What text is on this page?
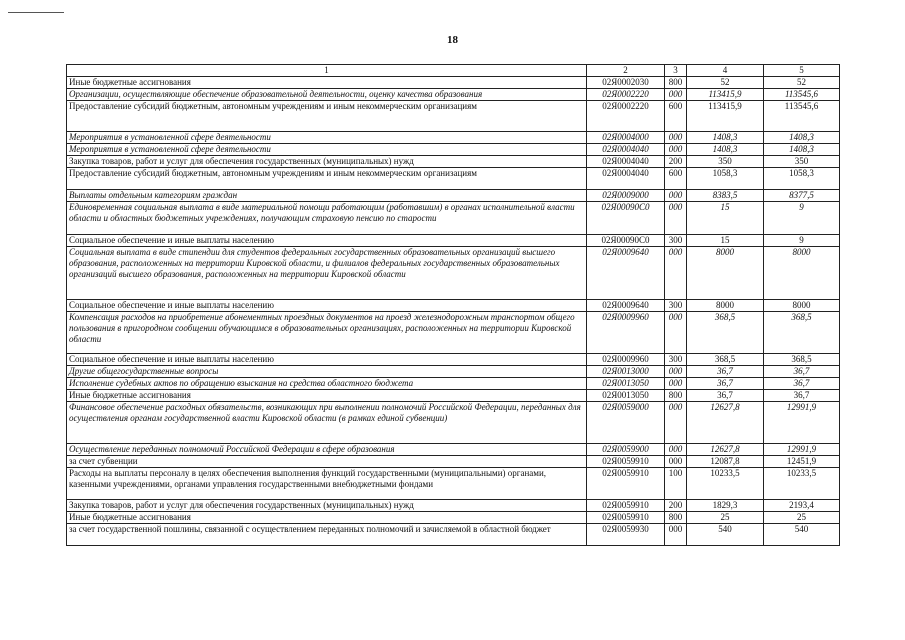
18
1	2	3	4	5
Иные бюджетные ассигнования	02Я0002030	800	52	52
Организации, осуществляющие обеспечение образовательной деятельности, оценку качества образования	02Я0002220	000	113415,9	113545,6
Предоставление субсидий бюджетным, автономным учреждениям и иным некоммерческим организациям	02Я0002220	600	113415,9	113545,6
Мероприятия в установленной сфере деятельности	02Я0004000	000	1408,3	1408,3
Мероприятия в установленной сфере деятельности	02Я0004040	000	1408,3	1408,3
Закупка товаров, работ и услуг для обеспечения государственных (муниципальных) нужд	02Я0004040	200	350	350
Предоставление субсидий бюджетным, автономным учреждениям и иным некоммерческим организациям	02Я0004040	600	1058,3	1058,3
Выплаты отдельным категориям граждан	02Я0009000	000	8383,5	8377,5
Единовременная социальная выплата в виде материальной помощи работающим (работавшим) в органах исполнительной власти области и областных бюджетных учреждениях, получающим страховую пенсию по старости	02Я00090С0	000	15	9
Социальное обеспечение и иные выплаты населению	02Я00090С0	300	15	9
Социальная выплата в виде стипендии для студентов федеральных государственных образовательных организаций высшего образования, расположенных на территории Кировской области, и филиалов федеральных государственных образовательных организаций высшего образования, расположенных на территории Кировской области	02Я0009640	000	8000	8000
Социальное обеспечение и иные выплаты населению	02Я0009640	300	8000	8000
Компенсация расходов на приобретение абонементных проездных документов на проезд железнодорожным транспортом общего пользования в пригородном сообщении обучающимся в образовательных организациях, расположенных на территории Кировской области	02Я0009960	000	368,5	368,5
Социальное обеспечение и иные выплаты населению	02Я0009960	300	368,5	368,5
Другие общегосударственные вопросы	02Я0013000	000	36,7	36,7
Исполнение судебных актов по обращению взыскания на средства областного бюджета	02Я0013050	000	36,7	36,7
Иные бюджетные ассигнования	02Я0013050	800	36,7	36,7
Финансовое обеспечение расходных обязательств, возникающих при выполнении полномочий Российской Федерации, переданных для осуществления органам государственной власти Кировской области (в рамках единой субвенции)	02Я0059000	000	12627,8	12991,9
Осуществление переданных полномочий Российской Федерации в сфере образования	02Я0059900	000	12627,8	12991,9
за счет субвенции	02Я0059910	000	12087,8	12451,9
Расходы на выплаты персоналу в целях обеспечения выполнения функций государственными (муниципальными) органами, казенными учреждениями, органами управления государственными внебюджетными фондами	02Я0059910	100	10233,5	10233,5
Закупка товаров, работ и услуг для обеспечения государственных (муниципальных) нужд	02Я0059910	200	1829,3	2193,4
Иные бюджетные ассигнования	02Я0059910	800	25	25
за счет государственной пошлины, связанной с осуществлением переданных полномочий и зачисляемой в областной бюджет	02Я0059930	000	540	540
